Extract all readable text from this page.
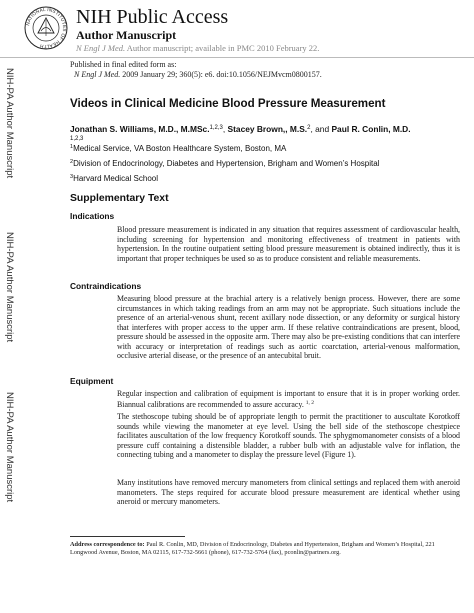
NATIONAL INSTITUTES OF HEALTH
NIH Public Access
Author Manuscript
N Engl J Med. Author manuscript; available in PMC 2010 February 22.
NIH-PA Author Manuscript
NIH-PA Author Manuscript
NIH-PA Author Manuscript
Published in final edited form as:
N Engl J Med. 2009 January 29; 360(5): e6. doi:10.1056/NEJMvcm0800157.
Videos in Clinical Medicine Blood Pressure Measurement
Jonathan S. Williams, M.D., M.MSc.$^{1,2,3}$, Stacey Brown,, M.S.$^2$, and Paul R. Conlin, M.D.
$^{1,2,3}$
$^1$Medical Service, VA Boston Healthcare System, Boston, MA
$^2$Division of Endocrinology, Diabetes and Hypertension, Brigham and Women’s Hospital
$^3$Harvard Medical School
Supplementary Text
Indications
Blood pressure measurement is indicated in any situation that requires assessment of cardiovascular health, including screening for hypertension and monitoring effectiveness of treatment in patients with hypertension. In the routine outpatient setting blood pressure measurement is obtained indirectly, thus it is important that proper techniques be used so as to produce consistent and reliable measurements.
Contraindications
Measuring blood pressure at the brachial artery is a relatively benign process. However, there are some circumstances in which taking readings from an arm may not be appropriate. Such situations include the presence of an arterial-venous shunt, recent axillary node dissection, or any deformity or surgical history that interferes with proper access to the upper arm. If these relative contraindications are present, blood, pressure should be assessed in the opposite arm. There may also be pre-existing conditions that can interfere with accuracy or interpretation of readings such as aortic coarctation, arterial-venous malformation, occlusive arterial disease, or the presence of an antecubital bruit.
Equipment
Regular inspection and calibration of equipment is important to ensure that it is in proper working order. Biannual calibrations are recommended to assure accuracy. $^{1, 2}$
The stethoscope tubing should be of appropriate length to permit the practitioner to auscultate Korotkoff sounds while viewing the manometer at eye level. Using the bell side of the stethoscope chestpiece facilitates auscultation of the low frequency Korotkoff sounds. The sphygmomanometer consists of a blood pressure cuff containing a distensible bladder, a rubber bulb with an adjustable valve for inflation, the connecting tubing and a manometer to display the pressure level (Figure 1).
Many institutions have removed mercury manometers from clinical settings and replaced them with aneroid manometers. The steps required for accurate blood pressure measurement are identical whether using aneroid or mercury manometers.
Address correspondence to: Paul R. Conlin, MD, Division of Endocrinology, Diabetes and Hypertension, Brigham and Women’s Hospital, 221 Longwood Avenue, Boston, MA 02115, 617-732-5661 (phone), 617-732-5764 (fax), pconlin@partners.org.
